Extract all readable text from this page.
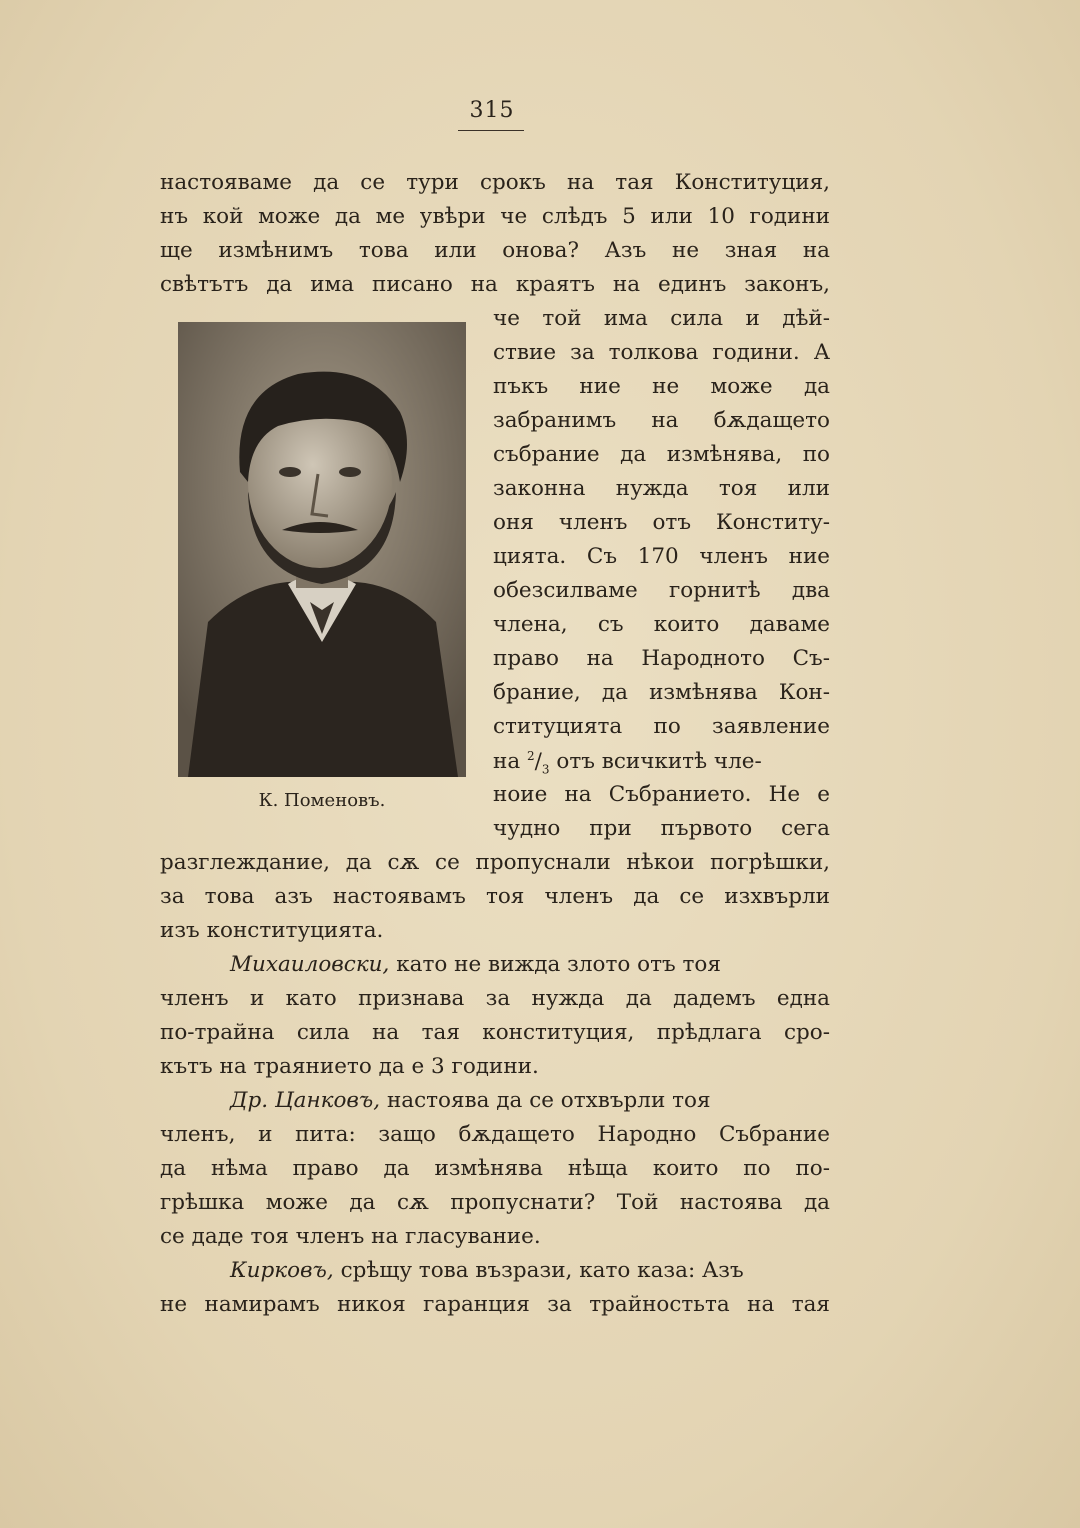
315
настояваме да се тури срокъ на тая Конституция,
нъ кой може да ме увѣри че слѣдъ 5 или 10 години
ще измѣнимъ това или онова? Азъ не зная на
свѣтътъ да има писано на краятъ на единъ законъ,
че той има сила и дѣй-
ствие за толкова години. А
пъкъ ние не може да
забранимъ на бѫдащето
събрание да измѣнява, по
законна нужда тоя или
оня членъ отъ Конститу-
цията. Съ 170 членъ ние
обезсилваме горнитѣ два
члена, съ които даваме
право на Народното Съ-
брание, да измѣнява Кон-
ституцията по заявление
на $^2/_3$ отъ всичкитѣ чле-
ноие на Събранието. Не е
чудно при първото сега
разглеждание, да сѫ се пропуснали нѣкои погрѣшки,
за това азъ настоявамъ тоя членъ да се изхвърли
изъ конституцията.
Михаиловски, като не вижда злото отъ тоя
членъ и като признава за нужда да дадемъ една
по-трайна сила на тая конституция, прѣдлага сро-
кътъ на траянието да е 3 години.
Др. Цанковъ, настоява да се отхвърли тоя
членъ, и пита: защо бѫдащето Народно Събрание
да нѣма право да измѣнява нѣща които по по-
грѣшка може да сѫ пропуснати? Той настоява да
се даде тоя членъ на гласувание.
Кирковъ, срѣщу това възрази, като каза: Азъ
не намирамъ никоя гаранция за трайностьта на тая
К. Поменовъ.
